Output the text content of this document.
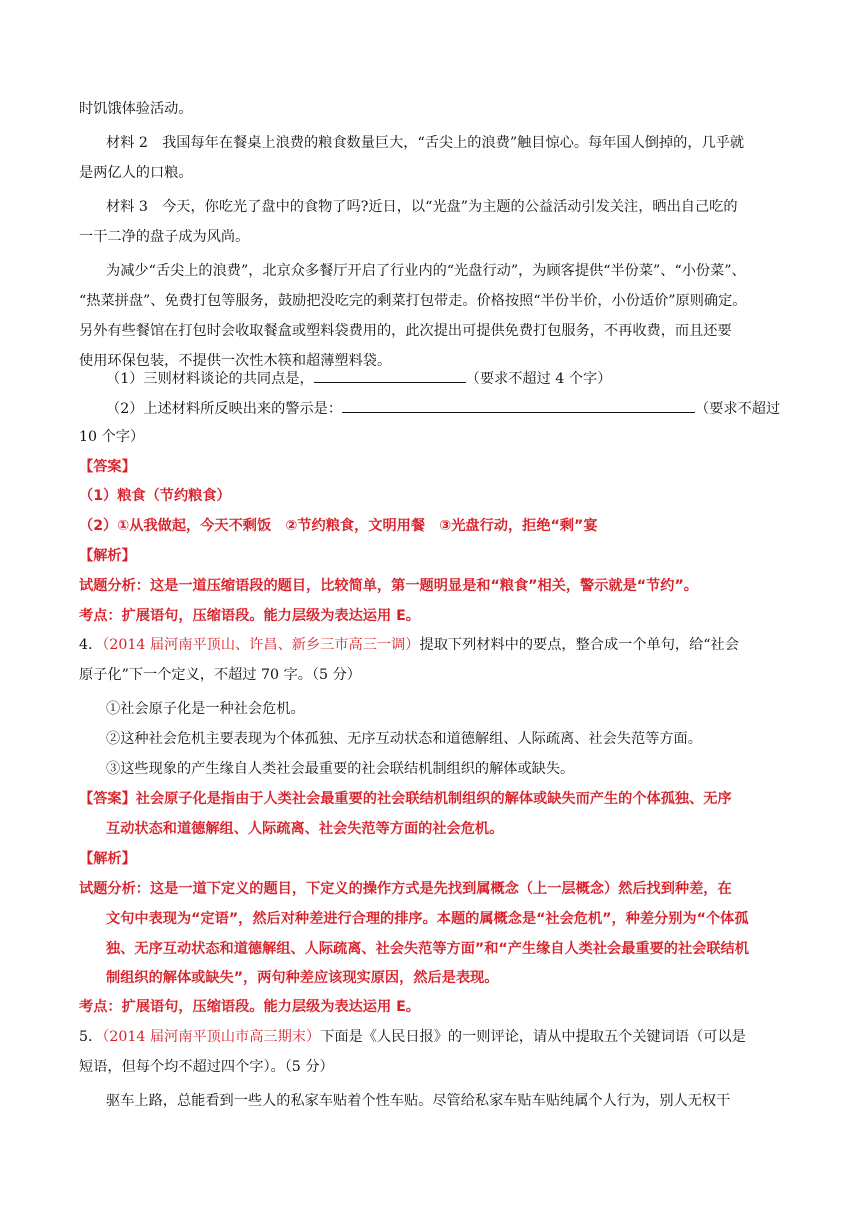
时饥饿体验活动。
材料 2　我国每年在餐桌上浪费的粮食数量巨大，“舌尖上的浪费”触目惊心。每年国人倒掉的，几乎就
是两亿人的口粮。
材料 3　今天，你吃光了盘中的食物了吗?近日，以“光盘”为主题的公益活动引发关注，晒出自己吃的
一干二净的盘子成为风尚。
为减少“舌尖上的浪费”，北京众多餐厅开启了行业内的“光盘行动”，为顾客提供“半份菜”、“小份菜”、
“热菜拼盘”、免费打包等服务，鼓励把没吃完的剩菜打包带走。价格按照“半份半价，小份适价”原则确定。
另外有些餐馆在打包时会收取餐盒或塑料袋费用的，此次提出可提供免费打包服务，不再收费，而且还要
使用环保包装，不提供一次性木筷和超薄塑料袋。
（1）三则材料谈论的共同点是，	（要求不超过 4 个字）
（2）上述材料所反映出来的警示是：	（要求不超过
10 个字）
【答案】
（1）粮食（节约粮食）
（2）①从我做起，今天不剩饭　②节约粮食，文明用餐　③光盘行动，拒绝“剩”宴
【解析】
试题分析：这是一道压缩语段的题目，比较简单，第一题明显是和“粮食”相关，警示就是“节约”。
考点：扩展语句，压缩语段。能力层级为表达运用 E。
4．（2014 届河南平顶山、许昌、新乡三市高三一调）提取下列材料中的要点，整合成一个单句，给“社会
原子化”下一个定义，不超过 70 字。（5 分）
①社会原子化是一种社会危机。
②这种社会危机主要表现为个体孤独、无序互动状态和道德解组、人际疏离、社会失范等方面。
③这些现象的产生缘自人类社会最重要的社会联结机制组织的解体或缺失。
【答案】社会原子化是指由于人类社会最重要的社会联结机制组织的解体或缺失而产生的个体孤独、无序
互动状态和道德解组、人际疏离、社会失范等方面的社会危机。
【解析】
试题分析：这是一道下定义的题目，下定义的操作方式是先找到属概念（上一层概念）然后找到种差，在
文句中表现为“定语”，然后对种差进行合理的排序。本题的属概念是“社会危机”，种差分别为“个体孤
独、无序互动状态和道德解组、人际疏离、社会失范等方面”和“产生缘自人类社会最重要的社会联结机
制组织的解体或缺失”，两句种差应该现实原因，然后是表现。
考点：扩展语句，压缩语段。能力层级为表达运用 E。
5．（2014 届河南平顶山市高三期末）下面是《人民日报》的一则评论，请从中提取五个关键词语（可以是
短语，但每个均不超过四个字）。（5 分）
驱车上路，总能看到一些人的私家车贴着个性车贴。尽管给私家车贴车贴纯属个人行为，别人无权干
